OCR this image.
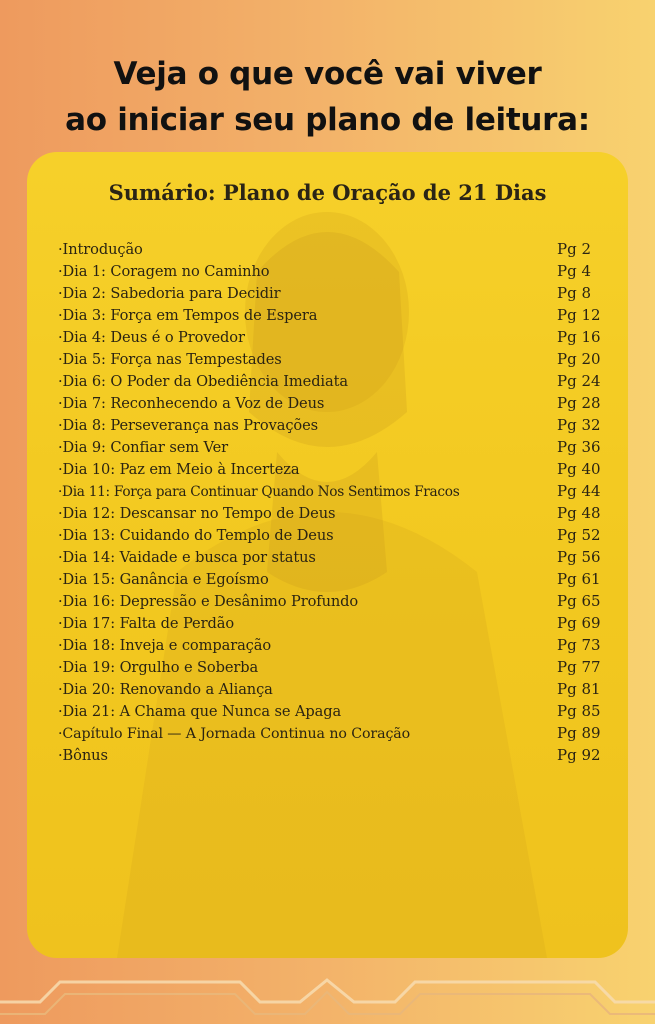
Veja o que você vai viver
ao iniciar seu plano de leitura:
Sumário: Plano de Oração de 21 Dias
·Introdução	Pg 2
·Dia 1: Coragem no Caminho	Pg 4
·Dia 2: Sabedoria para Decidir	Pg 8
·Dia 3: Força em Tempos de Espera	Pg 12
·Dia 4: Deus é o Provedor	Pg 16
·Dia 5: Força nas Tempestades	Pg 20
·Dia 6: O Poder da Obediência Imediata	Pg 24
·Dia 7: Reconhecendo a Voz de Deus	Pg 28
·Dia 8: Perseverança nas Provações	Pg 32
·Dia 9: Confiar sem Ver	Pg 36
·Dia 10: Paz em Meio à Incerteza	Pg 40
·Dia 11: Força para Continuar Quando Nos Sentimos Fracos	Pg 44
·Dia 12: Descansar no Tempo de Deus	Pg 48
·Dia 13: Cuidando do Templo de Deus	Pg 52
·Dia 14: Vaidade e busca por status	Pg 56
·Dia 15: Ganância e Egoísmo	Pg 61
·Dia 16: Depressão e Desânimo Profundo	Pg 65
·Dia 17: Falta de Perdão	Pg 69
·Dia 18: Inveja e comparação	Pg 73
·Dia 19: Orgulho e Soberba	Pg 77
·Dia 20: Renovando a Aliança	Pg 81
·Dia 21: A Chama que Nunca se Apaga	Pg 85
·Capítulo Final — A Jornada Continua no Coração	Pg 89
·Bônus	Pg 92
